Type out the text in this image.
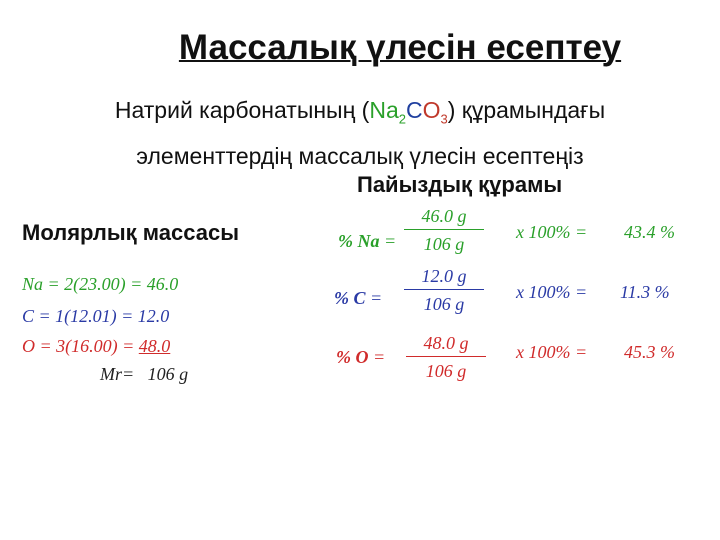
Массалық үлесін есептеу
Натрий карбонатының $(Na_2CO_3)$ құрамындағы
элементтердің массалық үлесін есептеңіз
Пайыздық құрамы
Молярлық массасы
Na = 2(23.00) = 46.0
C = 1(12.01) = 12.0
O = 3(16.00) = 48.0
Mr= 106 g
% $Na = \frac{46.0 g}{106 g}$ x 100% = 43.4 %
% $C = \frac{12.0 g}{106 g}$ x 100% = 11.3 %
% $O = \frac{48.0 g}{106 g}$ x 100% = 45.3 %
